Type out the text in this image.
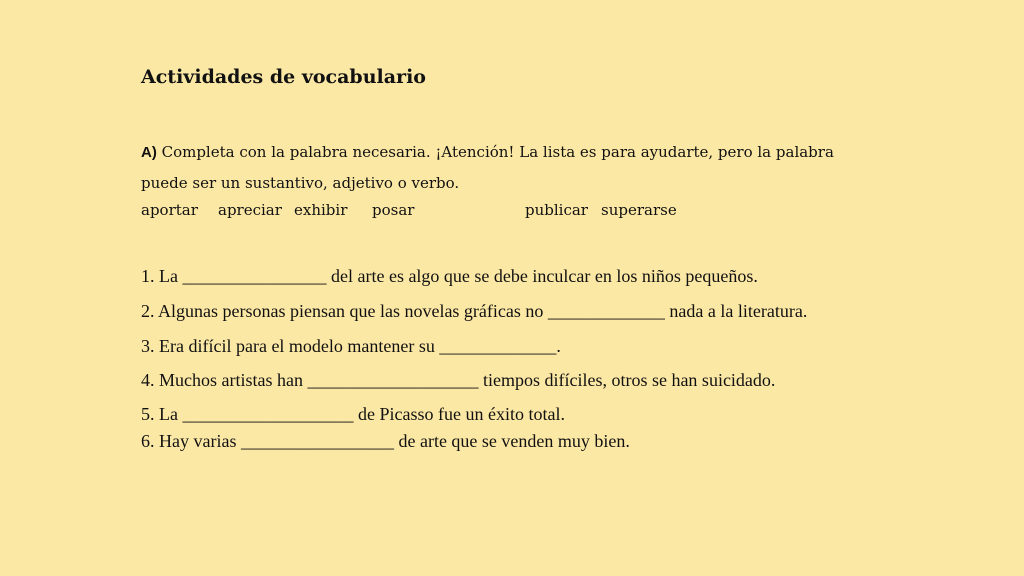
Actividades de vocabulario
A) Completa con la palabra necesaria. ¡Atención! La lista es para ayudarte, pero la palabra puede ser un sustantivo, adjetivo o verbo.
aportar apreciar exhibir posar	publicar superarse
1. La ________________ del arte es algo que se debe inculcar en los niños pequeños.
2. Algunas personas piensan que las novelas gráficas no _____________ nada a la literatura.
3. Era difícil para el modelo mantener su _____________.
4. Muchos artistas han ___________________ tiempos difíciles, otros se han suicidado.
5. La ___________________ de Picasso fue un éxito total.
6. Hay varias _________________ de arte que se venden muy bien.
